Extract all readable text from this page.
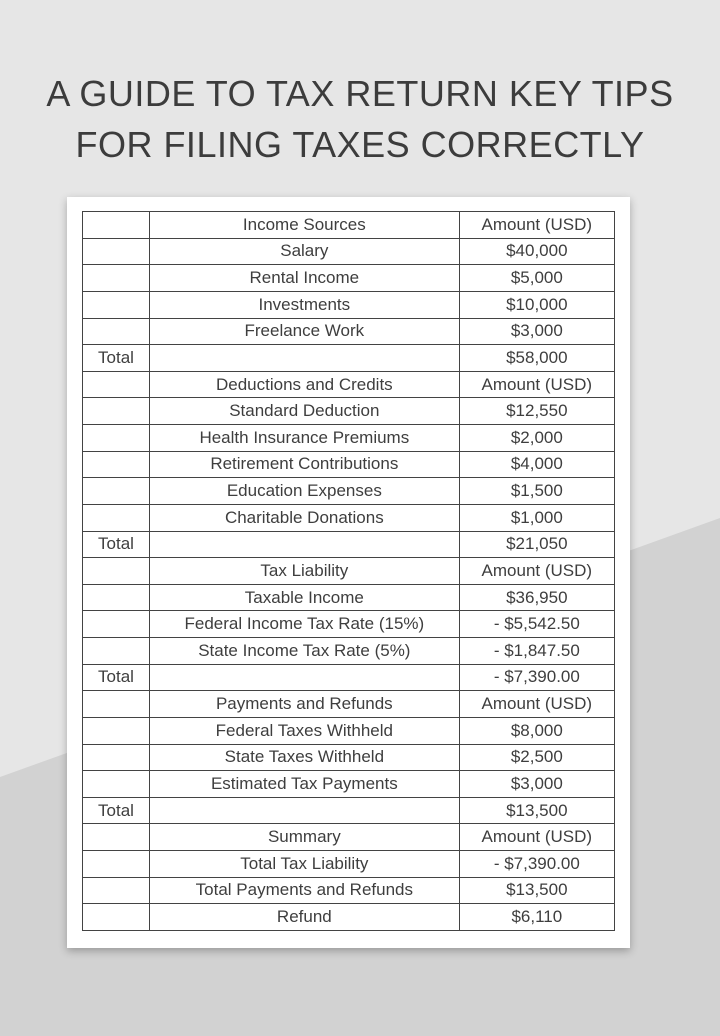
A GUIDE TO TAX RETURN KEY TIPS
FOR FILING TAXES CORRECTLY
	Income Sources	Amount (USD)
	Salary	$40,000
	Rental Income	$5,000
	Investments	$10,000
	Freelance Work	$3,000
Total		$58,000
	Deductions and Credits	Amount (USD)
	Standard Deduction	$12,550
	Health Insurance Premiums	$2,000
	Retirement Contributions	$4,000
	Education Expenses	$1,500
	Charitable Donations	$1,000
Total		$21,050
	Tax Liability	Amount (USD)
	Taxable Income	$36,950
	Federal Income Tax Rate (15%)	- $5,542.50
	State Income Tax Rate (5%)	- $1,847.50
Total		- $7,390.00
	Payments and Refunds	Amount (USD)
	Federal Taxes Withheld	$8,000
	State Taxes Withheld	$2,500
	Estimated Tax Payments	$3,000
Total		$13,500
	Summary	Amount (USD)
	Total Tax Liability	- $7,390.00
	Total Payments and Refunds	$13,500
	Refund	$6,110
